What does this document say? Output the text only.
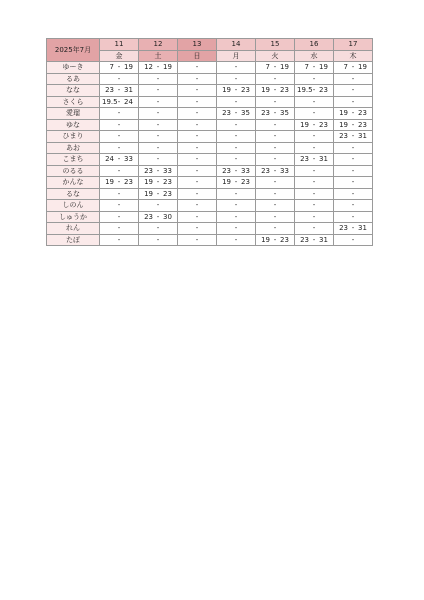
2025年7月	11	12	13	14	15	16	17
	金	土	日	月	火	水	木
ゆーき	7 - 19	12 - 19	-	-	7 - 19	7 - 19	7 - 19
るあ	-	-	-	-	-	-	-
なな	23 - 31	-	-	19 - 23	19 - 23	19.5- 23	-
さくら	19.5- 24	-	-	-	-	-	-
愛瑠	-	-	-	23 - 35	23 - 35	-	19 - 23
ゆな	-	-	-	-	-	19 - 23	19 - 23
ひまり	-	-	-	-	-	-	23 - 31
あお	-	-	-	-	-	-	-
こまち	24 - 33	-	-	-	-	23 - 31	-
のるる	-	23 - 33	-	23 - 33	23 - 33	-	-
かんな	19 - 23	19 - 23	-	19 - 23	-	-	-
るな	-	19 - 23	-	-	-	-	-
しのん	-	-	-	-	-	-	-
しゅうか	-	23 - 30	-	-	-	-	-
れん	-	-	-	-	-	-	23 - 31
たぽ	-	-	-	-	19 - 23	23 - 31	-
